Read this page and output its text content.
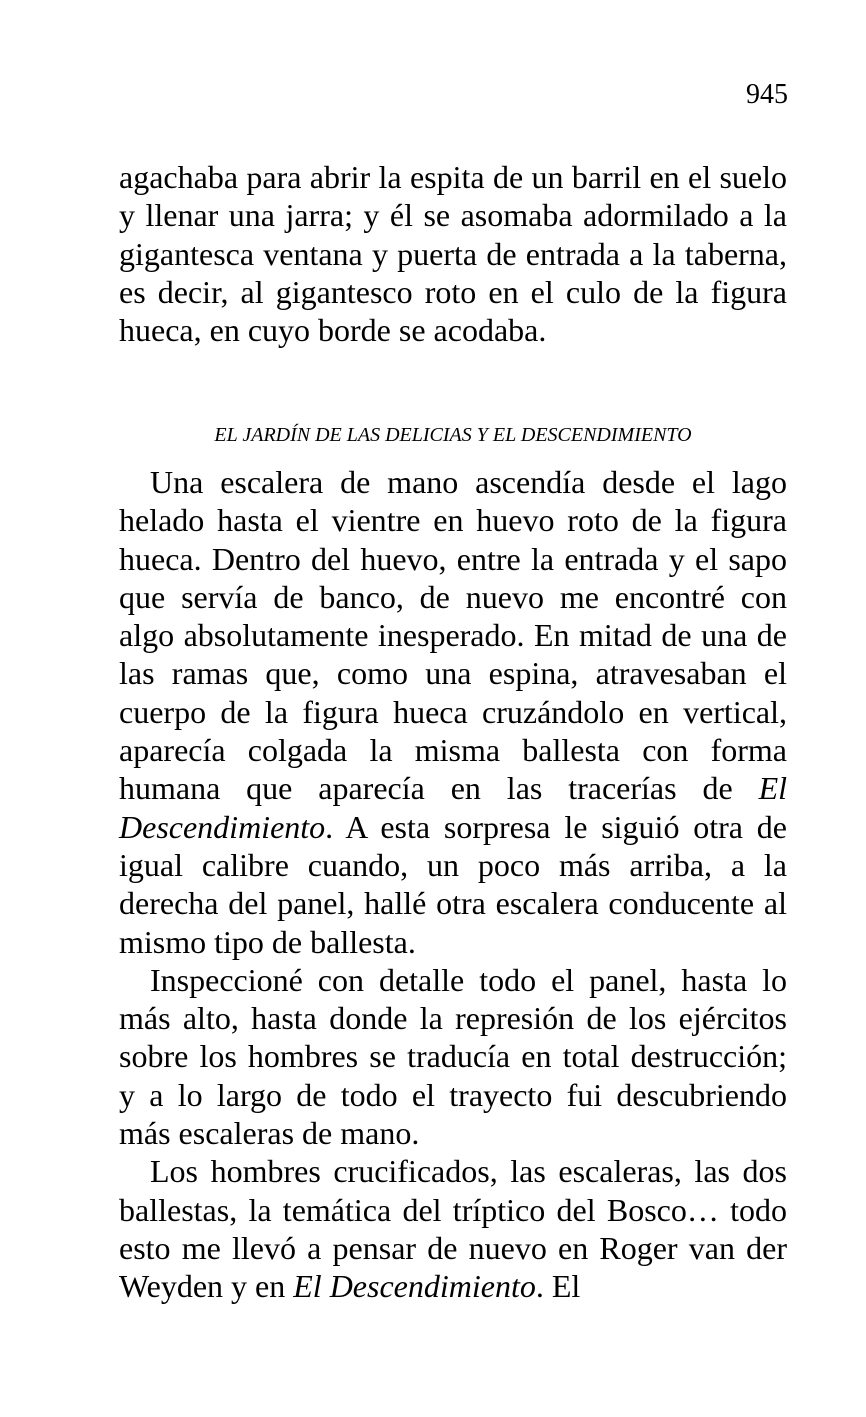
945

agachaba para abrir la espita de un barril en el suelo y llenar una jarra; y él se asomaba adormilado a la gigantesca ventana y puerta de entrada a la taberna, es decir, al gigantesco roto en el culo de la figura hueca, en cuyo borde se acodaba.

EL JARDÍN DE LAS DELICIAS Y EL DESCENDIMIENTO

Una escalera de mano ascendía desde el lago helado hasta el vientre en huevo roto de la figura hueca. Dentro del huevo, entre la entrada y el sapo que servía de banco, de nuevo me encontré con algo absolutamente inesperado. En mitad de una de las ramas que, como una espina, atravesaban el cuerpo de la figura hueca cruzándolo en vertical, aparecía colgada la misma ballesta con forma humana que aparecía en las tracerías de El Descendimiento. A esta sorpresa le siguió otra de igual calibre cuando, un poco más arriba, a la derecha del panel, hallé otra escalera conducente al mismo tipo de ballesta.

Inspeccioné con detalle todo el panel, hasta lo más alto, hasta donde la represión de los ejércitos sobre los hombres se traducía en total destrucción; y a lo largo de todo el trayecto fui descubriendo más escaleras de mano.

Los hombres crucificados, las escaleras, las dos ballestas, la temática del tríptico del Bosco… todo esto me llevó a pensar de nuevo en Roger van der Weyden y en El Descendimiento. El
